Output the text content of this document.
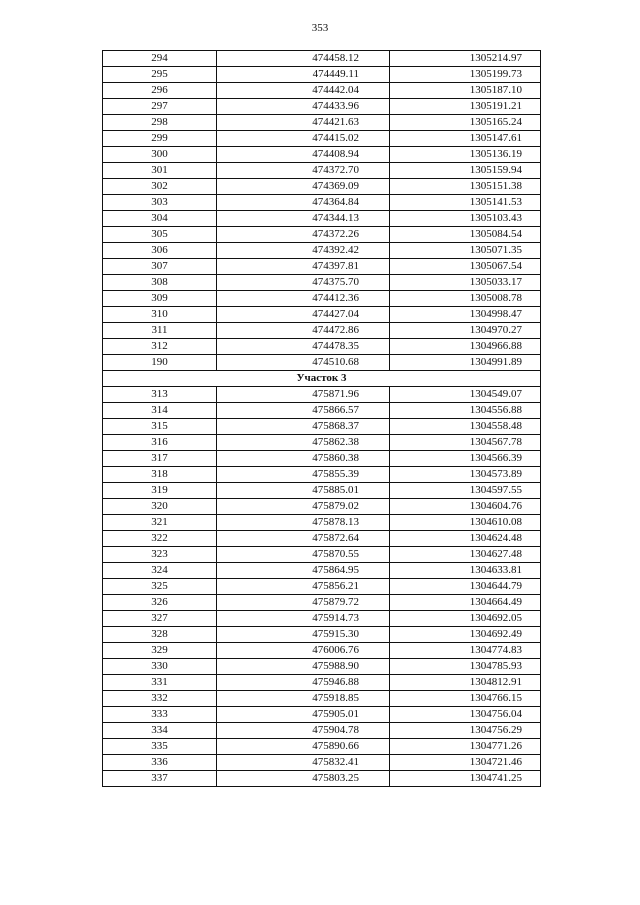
353
294	474458.12	1305214.97
295	474449.11	1305199.73
296	474442.04	1305187.10
297	474433.96	1305191.21
298	474421.63	1305165.24
299	474415.02	1305147.61
300	474408.94	1305136.19
301	474372.70	1305159.94
302	474369.09	1305151.38
303	474364.84	1305141.53
304	474344.13	1305103.43
305	474372.26	1305084.54
306	474392.42	1305071.35
307	474397.81	1305067.54
308	474375.70	1305033.17
309	474412.36	1305008.78
310	474427.04	1304998.47
311	474472.86	1304970.27
312	474478.35	1304966.88
190	474510.68	1304991.89
Участок 3		
313	475871.96	1304549.07
314	475866.57	1304556.88
315	475868.37	1304558.48
316	475862.38	1304567.78
317	475860.38	1304566.39
318	475855.39	1304573.89
319	475885.01	1304597.55
320	475879.02	1304604.76
321	475878.13	1304610.08
322	475872.64	1304624.48
323	475870.55	1304627.48
324	475864.95	1304633.81
325	475856.21	1304644.79
326	475879.72	1304664.49
327	475914.73	1304692.05
328	475915.30	1304692.49
329	476006.76	1304774.83
330	475988.90	1304785.93
331	475946.88	1304812.91
332	475918.85	1304766.15
333	475905.01	1304756.04
334	475904.78	1304756.29
335	475890.66	1304771.26
336	475832.41	1304721.46
337	475803.25	1304741.25
